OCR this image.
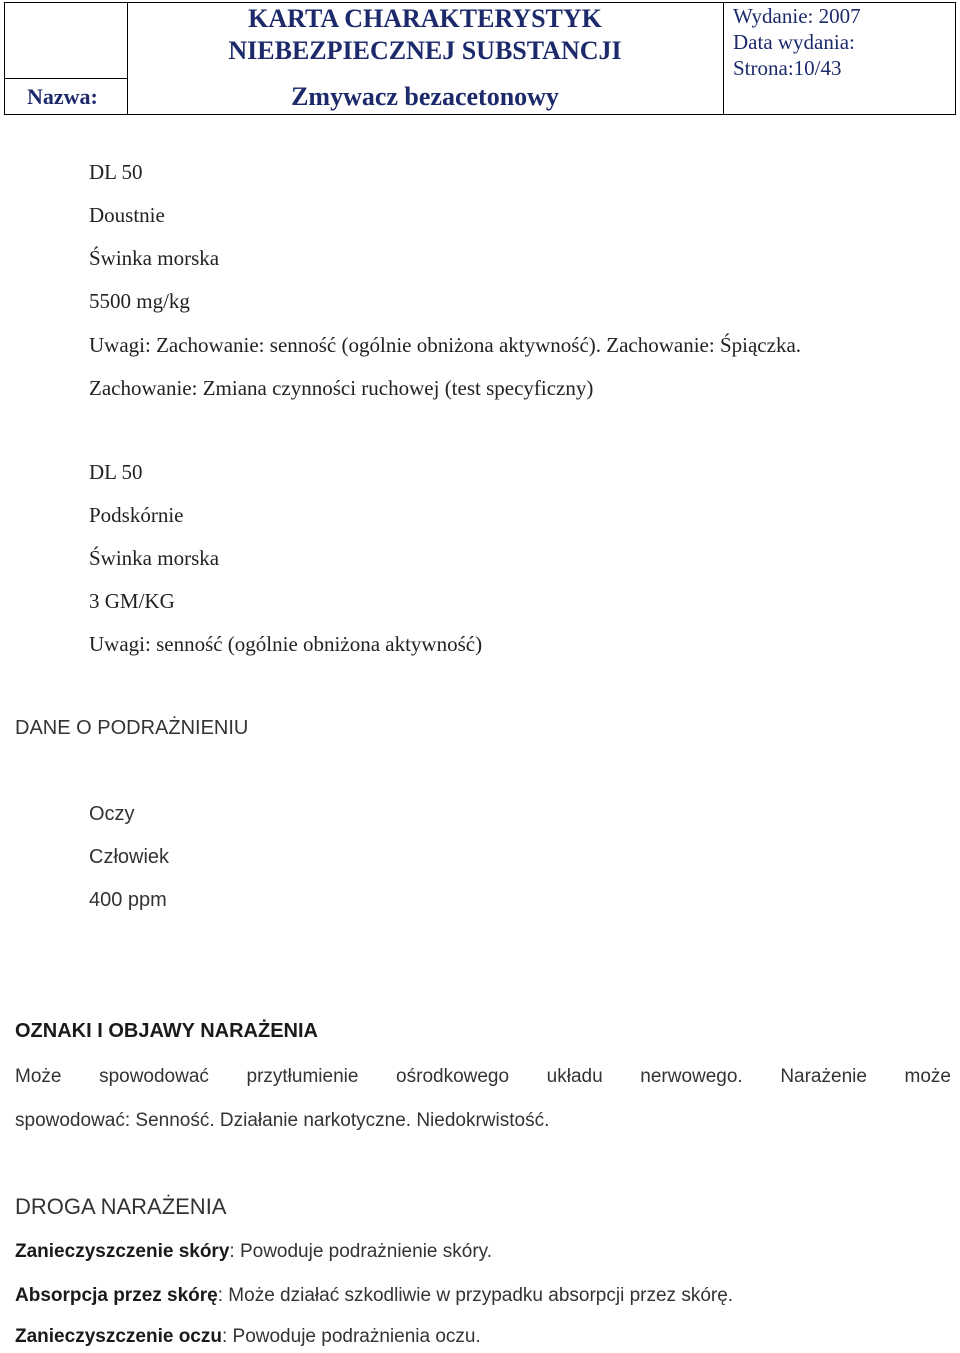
KARTA CHARAKTERYSTYK
NIEBEZPIECZNEJ SUBSTANCJI
Wydanie: 2007
Data wydania:
Strona:10/43
Nazwa:	Zmywacz bezacetonowy
DL 50
Doustnie
Świnka morska
5500 mg/kg
Uwagi: Zachowanie: senność (ogólnie obniżona aktywność). Zachowanie: Śpiączka.
Zachowanie: Zmiana czynności ruchowej (test specyficzny)
DL 50
Podskórnie
Świnka morska
3 GM/KG
Uwagi: senność (ogólnie obniżona aktywność)
DANE O PODRAŻNIENIU
Oczy
Człowiek
400 ppm
OZNAKI I OBJAWY NARAŻENIA
Może spowodować przytłumienie ośrodkowego układu nerwowego. Narażenie może
spowodować: Senność. Działanie narkotyczne. Niedokrwistość.
DROGA NARAŻENIA
Zanieczyszczenie skóry: Powoduje podrażnienie skóry.
Absorpcja przez skórę: Może działać szkodliwie w przypadku absorpcji przez skórę.
Zanieczyszczenie oczu: Powoduje podrażnienia oczu.
